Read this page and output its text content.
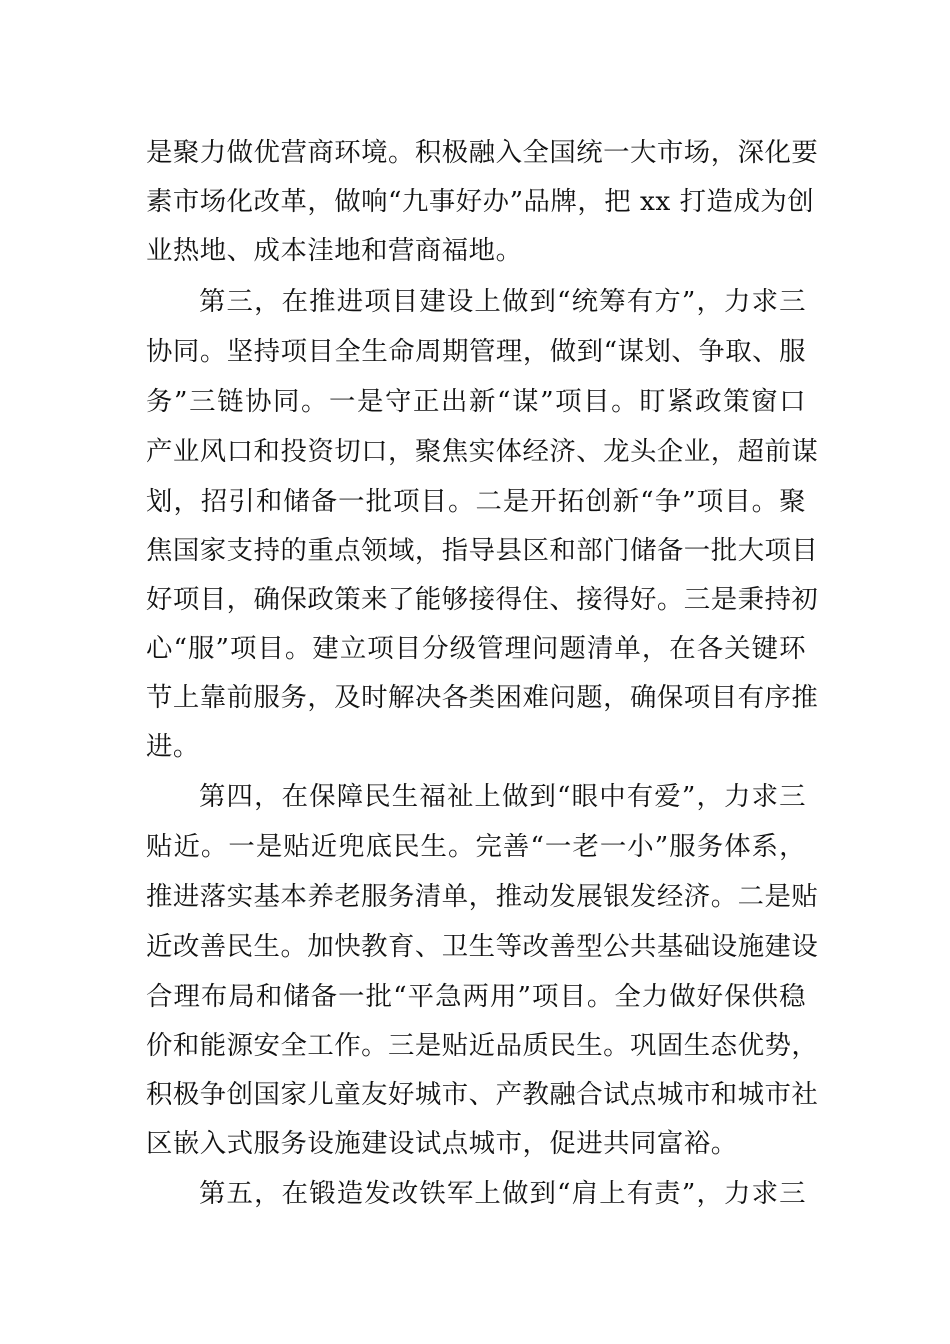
是聚力做优营商环境。积极融入全国统一大市场，深化要
素市场化改革，做响“九事好办”品牌，把 xx 打造成为创
业热地、成本洼地和营商福地。
第三，在推进项目建设上做到“统筹有方”，力求三
协同。坚持项目全生命周期管理，做到“谋划、争取、服
务”三链协同。一是守正出新“谋”项目。盯紧政策窗口
产业风口和投资切口，聚焦实体经济、龙头企业，超前谋
划，招引和储备一批项目。二是开拓创新“争”项目。聚
焦国家支持的重点领域，指导县区和部门储备一批大项目
好项目，确保政策来了能够接得住、接得好。三是秉持初
心“服”项目。建立项目分级管理问题清单，在各关键环
节上靠前服务，及时解决各类困难问题，确保项目有序推
进。
第四，在保障民生福祉上做到“眼中有爱”，力求三
贴近。一是贴近兜底民生。完善“一老一小”服务体系，
推进落实基本养老服务清单，推动发展银发经济。二是贴
近改善民生。加快教育、卫生等改善型公共基础设施建设
合理布局和储备一批“平急两用”项目。全力做好保供稳
价和能源安全工作。三是贴近品质民生。巩固生态优势，
积极争创国家儿童友好城市、产教融合试点城市和城市社
区嵌入式服务设施建设试点城市，促进共同富裕。
第五，在锻造发改铁军上做到“肩上有责”，力求三
